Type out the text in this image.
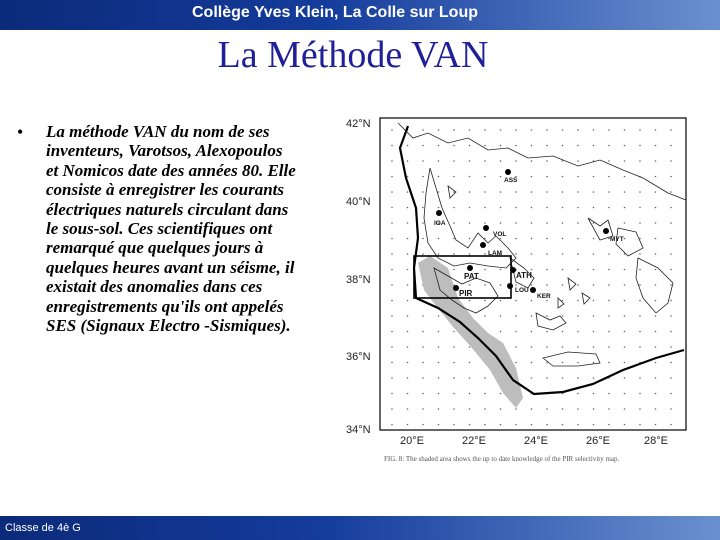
Collège Yves Klein, La Colle sur Loup
La Méthode VAN
• La méthode VAN du nom de ses inventeurs, Varotsos, Alexopoulos et Nomicos date des années 80. Elle consiste à enregistrer les courants électriques naturels circulant dans le sous-sol. Ces scientifiques ont remarqué que quelques jours à quelques heures avant un séisme, il existait des anomalies dans ces enregistrements qu'ils ont appelés SES (Signaux Electro -Sismiques).

ASS
IOA
VOL
LAM
KER
PAT
PIR
ATH
LOU
MYT
42°N
40°N
38°N
36°N
34°N
20°E	22°E	24°E	26°E	28°E
FIG. 8: The shaded area shows the up to date knowledge of the PIR selectivity map.
Classe de 4è G
